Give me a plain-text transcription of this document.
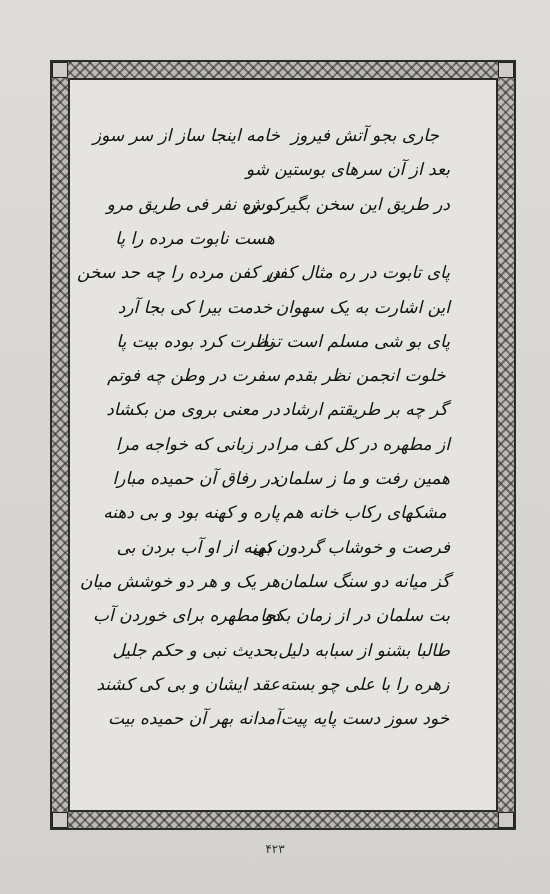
جاری بجو آتش فیروز
خامه اینجا ساز از سر سوز
بعد از آن سرهای بوستین شو
در طریق این سخن بگیرکوش
در ره نفر فی طریق مرو
هست نابوت مرده را پا
پای تابوت در ره مثال کفن
در کفن مرده را چه حد سخن
این اشارت به یک سهوان
خدمت بیرا کی بجا آرد
پای بو شی مسلم است ترا
نظرت کرد بوده بیت پا
خلوت انجمن نظر بقدم
سفرت در وطن چه فوتم
گر چه بر طریقتم ارشاد
در معنی بروی من بکشاد
از مطهره در کل کف مرا
در زبانی که خواجه مرا
همین رفت و ما ز سلمان
در رفاق آن حمیده مبارا
مشکهای رکاب خانه هم
پاره و کهنه بود و بی دهنه
فرصت و خوشاب گردون بی
کهنه از او آب بردن بی
گز میانه دو سنگ سلمان
هر یک و هر دو خوشش میان
بت سلمان در از زمان بکجا
دو مطهره برای خوردن آب
طالبا بشنو از سبابه دلیل
بحدیث نبی و حکم جلیل
زهره را با علی چو بسته
عقد ایشان و بی کی کشند
خود سوز دست پایه پیت
آمدانه بهر آن حمیده بیت
۴۲۳
